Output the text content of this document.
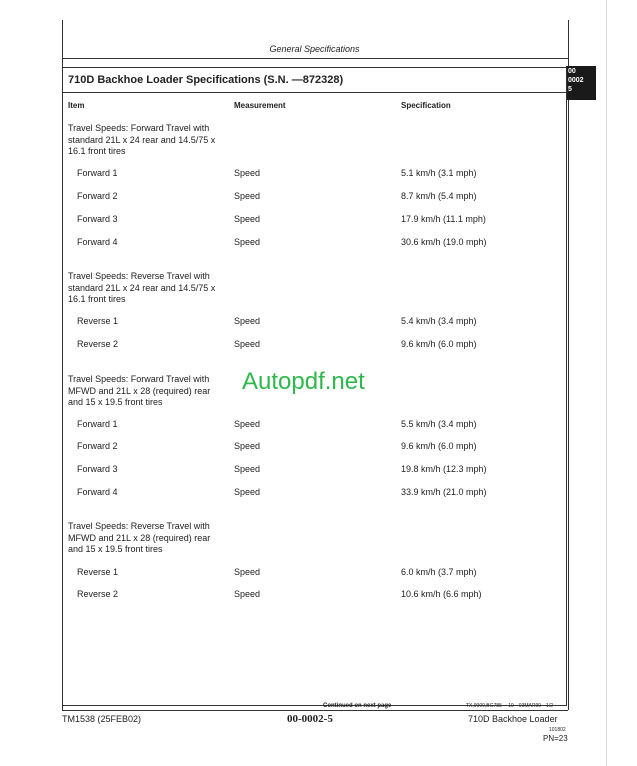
General Specifications
00
0002
5
710D Backhoe Loader Specifications (S.N. —872328)
Item	Measurement	Specification
Travel Speeds: Forward Travel with
standard 21L x 24 rear and 14.5/75 x
16.1 front tires
Forward 1	Speed	5.1 km/h (3.1 mph)
Forward 2	Speed	8.7 km/h (5.4 mph)
Forward 3	Speed	17.9 km/h (11.1 mph)
Forward 4	Speed	30.6 km/h (19.0 mph)
Travel Speeds: Reverse Travel with
standard 21L x 24 rear and 14.5/75 x
16.1 front tires
Reverse 1	Speed	5.4 km/h (3.4 mph)
Reverse 2	Speed	9.6 km/h (6.0 mph)
Travel Speeds: Forward Travel with
MFWD and 21L x 28 (required) rear
and 15 x 19.5 front tires
Forward 1	Speed	5.5 km/h (3.4 mph)
Forward 2	Speed	9.6 km/h (6.0 mph)
Forward 3	Speed	19.8 km/h (12.3 mph)
Forward 4	Speed	33.9 km/h (21.0 mph)
Travel Speeds: Reverse Travel with
MFWD and 21L x 28 (required) rear
and 15 x 19.5 front tires
Reverse 1	Speed	6.0 km/h (3.7 mph)
Reverse 2	Speed	10.6 km/h (6.6 mph)
Autopdf.net
Continued on next page	TX,9000,BG785 —19—03MAR99—1/2
TM1538 (25FEB02)	00-0002-5	710D Backhoe Loader
101802
PN=23
